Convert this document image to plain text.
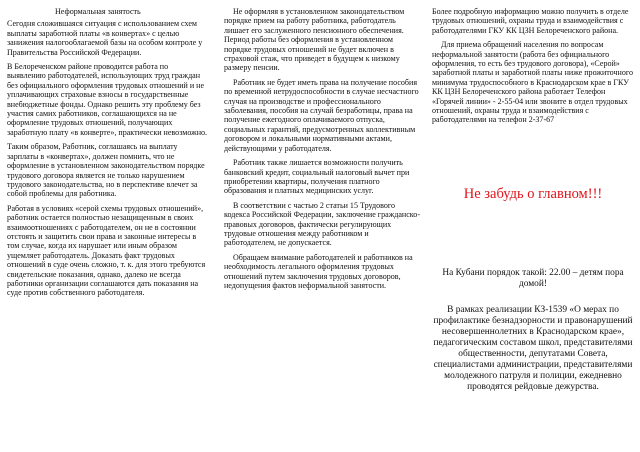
Неформальная занятость

Сегодня сложившаяся ситуация с использованием схем выплаты заработной платы «в конвертах» с целью занижения налогооблагаемой базы на особом контроле у Правительства Российской Федерации.

В Белореченском районе проводится работа по выявлению работодателей, использующих труд граждан без официального оформления трудовых отношений и не уплачивающих страховые взносы в государственные внебюджетные фонды. Однако решить эту проблему без участия самих работников, соглашающихся на не оформление трудовых отношений, получающих заработную плату «в конверте», практически невозможно.

Таким образом, Работник, соглашаясь на выплату зарплаты в «конвертах», должен помнить, что не оформление в установленном законодательством порядке трудового договора является не только нарушением трудового законодательства, но в перспективе влечет за собой проблемы для работника.

Работая в условиях «серой схемы трудовых отношений», работник остается полностью незащищенным в своих взаимоотношениях с работодателем, он не в состоянии отстоять и защитить свои права и законные интересы в том случае, когда их нарушает или иным образом ущемляет работодатель. Доказать факт трудовых отношений в суде очень сложно, т. к. для этого требуются свидетельские показания, однако, далеко не всегда работники организации соглашаются дать показания на суде против собственного работодателя.

Не оформляя в установленном законодательством порядке прием на работу работника, работодатель лишает его заслуженного пенсионного обеспечения. Период работы без оформления в установленном порядке трудовых отношений не будет включен в страховой стаж, что приведет в будущем к низкому размеру пенсии.

Работник не будет иметь права на получение пособия по временной нетрудоспособности в случае несчастного случая на производстве и профессионального заболевания, пособия на случай безработицы, права на получение ежегодного оплачиваемого отпуска, социальных гарантий, предусмотренных коллективным договором и локальными нормативными актами, действующими у работодателя.

Работник также лишается возможности получить банковский кредит, социальный налоговый вычет при приобретении квартиры, получения платного образования и платных медицинских услуг.

В соответствии с частью 2 статьи 15 Трудового кодекса Российской Федерации, заключение гражданско-правовых договоров, фактически регулирующих трудовые отношения между работником и работодателем, не допускается.

Обращаем внимание работодателей и работников на необходимость легального оформления трудовых отношений путем заключения трудовых договоров, недопущения фактов неформальной занятости.

Более подробную информацию можно получить в отделе трудовых отношений, охраны труда и взаимодействия с работодателями ГКУ КК ЦЗН Белореченского района.

Для приема обращений населения по вопросам неформальной занятости (работа без официального оформления, то есть без трудового договора), «Серой» заработной платы и заработной платы ниже прожиточного минимума трудоспособного в Краснодарском крае в ГКУ КК ЦЗН Белореченского района работает Телефон «Горячей линии» - 2-55-04 или звоните в отдел трудовых отношений, охраны труда и взаимодействия с работодателями на телефон 2-37-67

Не забудь о главном!!!

На Кубани порядок такой: 22.00 – детям пора домой!

В рамках реализации КЗ-1539 «О мерах по профилактике безнадзорности и правонарушений несовершеннолетних в Краснодарском крае», педагогическим составом школ, представителями общественности, депутатами Совета, специалистами администрации, представителями молодежного патруля и полиции, ежедневно проводятся рейдовые дежурства.
